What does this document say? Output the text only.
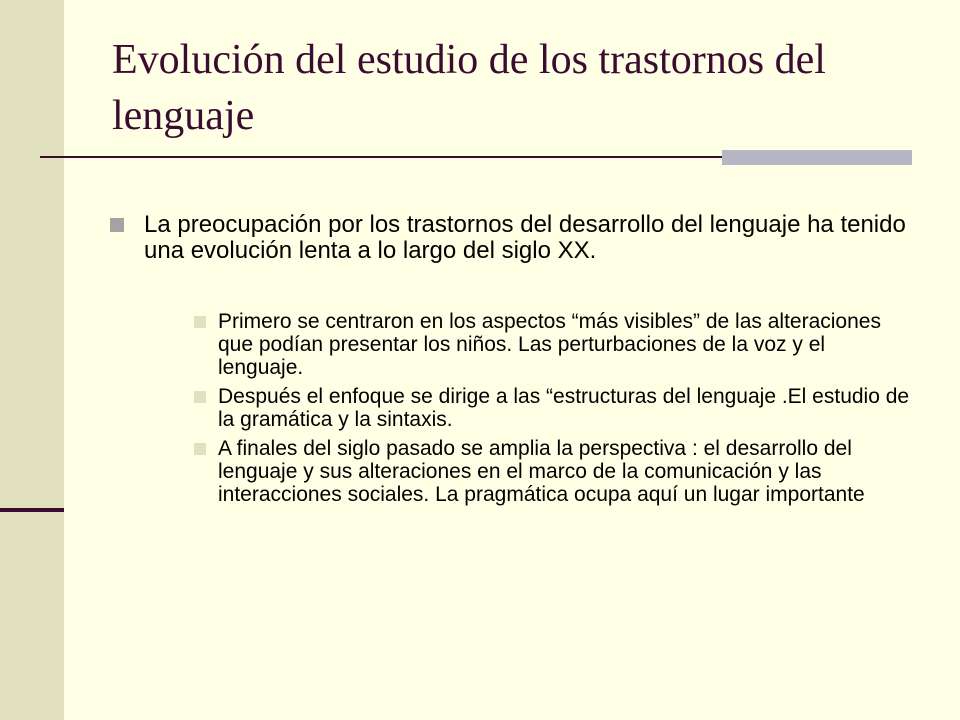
Evolución del estudio de los trastornos del lenguaje
La preocupación por los trastornos del desarrollo del lenguaje ha tenido una evolución lenta a lo largo del siglo XX.
Primero se centraron en los aspectos “más visibles” de las alteraciones que podían presentar los niños. Las perturbaciones de la voz y el lenguaje.
Después el enfoque se dirige a las “estructuras del lenguaje .El estudio de la gramática y la sintaxis.
A finales del siglo pasado se amplia la perspectiva : el desarrollo del lenguaje y sus alteraciones en el marco de la comunicación y las interacciones sociales. La pragmática ocupa aquí un lugar importante
